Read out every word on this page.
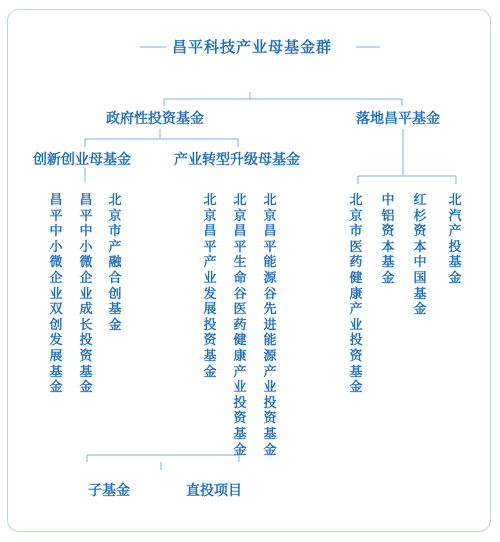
昌平科技产业母基金群
政府性投资基金	落地昌平基金
创新创业母基金	产业转型升级母基金
昌平中小微企业双创发展基金
昌平中小微企业成长投资基金
北京市产融合创基金
北京昌平产业发展投资基金
北京昌平生命谷医药健康产业投资基金
北京昌平能源谷先进能源产业投资基金
北京市医药健康产业投资基金
中铝资本基金
红杉资本中国基金
北汽产投基金
子基金	直投项目
